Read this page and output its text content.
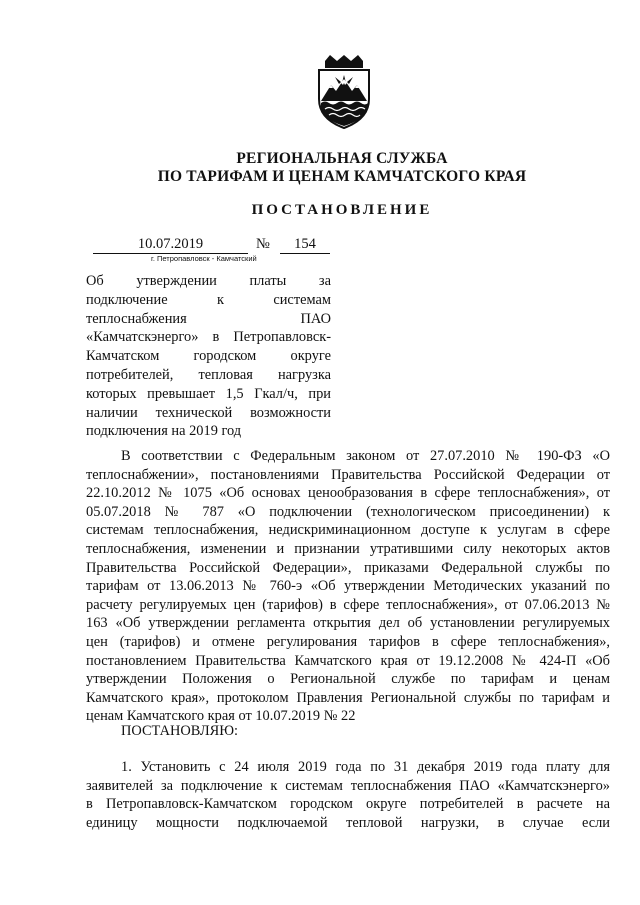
РЕГИОНАЛЬНАЯ СЛУЖБА
ПО ТАРИФАМ И ЦЕНАМ КАМЧАТСКОГО КРАЯ
ПОСТАНОВЛЕНИЕ
10.07.2019	№	154
г. Петропавловск - Камчатский
Об утверждении платы за
подключение к системам
теплоснабжения ПАО
«Камчатскэнерго» в Петропавловск-
Камчатском городском округе
потребителей, тепловая нагрузка
которых превышает 1,5 Гкал/ч, при
наличии технической возможности
подключения на 2019 год
В соответствии с Федеральным законом от 27.07.2010 № 190-ФЗ «О
теплоснабжении», постановлениями Правительства Российской Федерации от
22.10.2012 № 1075 «Об основах ценообразования в сфере теплоснабжения», от
05.07.2018 № 787 «О подключении (технологическом присоединении) к
системам теплоснабжения, недискриминационном доступе к услугам в сфере
теплоснабжения, изменении и признании утратившими силу некоторых актов
Правительства Российской Федерации», приказами Федеральной службы по
тарифам от 13.06.2013 № 760-э «Об утверждении Методических указаний по
расчету регулируемых цен (тарифов) в сфере теплоснабжения», от 07.06.2013 №
163 «Об утверждении регламента открытия дел об установлении регулируемых
цен (тарифов) и отмене регулирования тарифов в сфере теплоснабжения»,
постановлением Правительства Камчатского края от 19.12.2008 № 424-П «Об
утверждении Положения о Региональной службе по тарифам и ценам
Камчатского края», протоколом Правления Региональной службы по тарифам и
ценам Камчатского края от 10.07.2019 № 22
ПОСТАНОВЛЯЮ:
1. Установить с 24 июля 2019 года по 31 декабря 2019 года плату для
заявителей за подключение к системам теплоснабжения ПАО «Камчатскэнерго»
в Петропавловск-Камчатском городском округе потребителей в расчете на
единицу мощности подключаемой тепловой нагрузки, в случае если
